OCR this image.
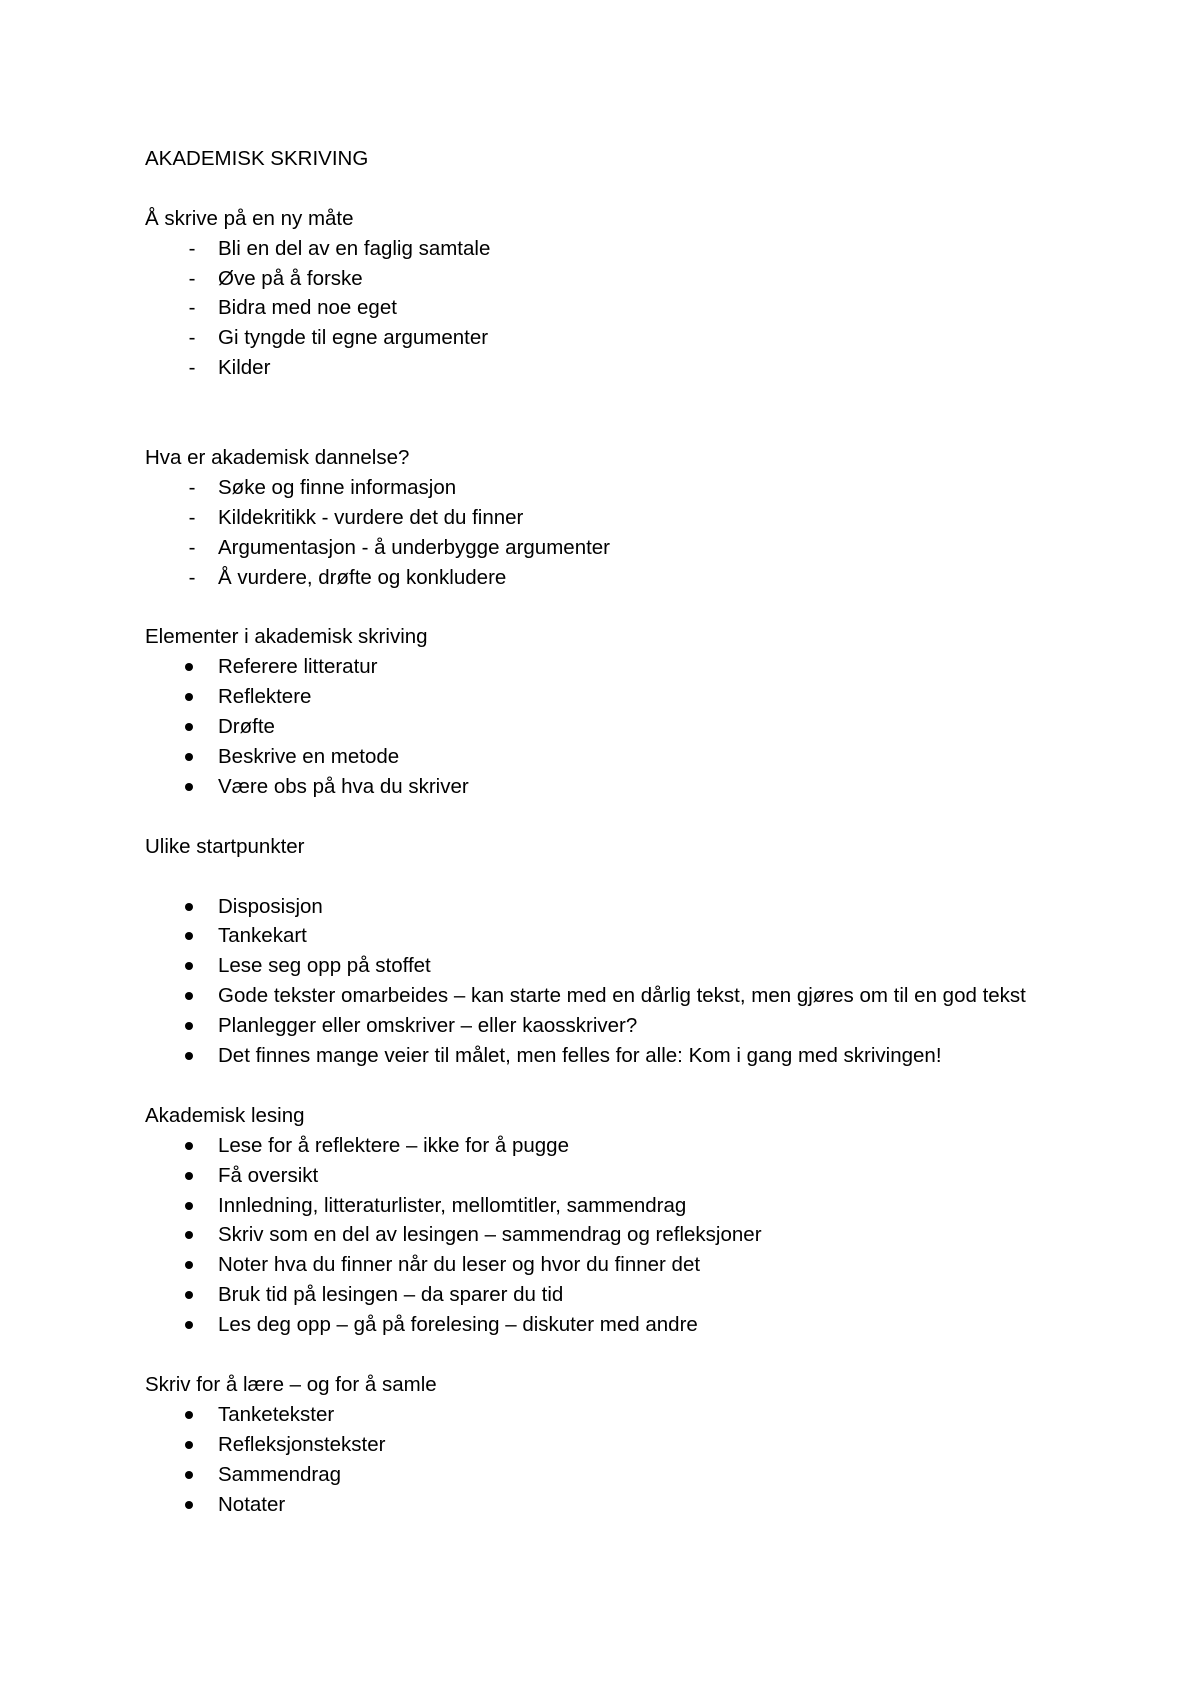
AKADEMISK SKRIVING
Å skrive på en ny måte
-	Bli en del av en faglig samtale
-	Øve på å forske
-	Bidra med noe eget
-	Gi tyngde til egne argumenter
-	Kilder
Hva er akademisk dannelse?
-	Søke og finne informasjon
-	Kildekritikk - vurdere det du finner
-	Argumentasjon - å underbygge argumenter
-	Å vurdere, drøfte og konkludere
Elementer i akademisk skriving
Referere litteratur
Reflektere
Drøfte
Beskrive en metode
Være obs på hva du skriver
Ulike startpunkter
Disposisjon
Tankekart
Lese seg opp på stoffet
Gode tekster omarbeides – kan starte med en dårlig tekst, men gjøres om til en god tekst
Planlegger eller omskriver – eller kaosskriver?
Det finnes mange veier til målet, men felles for alle: Kom i gang med skrivingen!
Akademisk lesing
Lese for å reflektere – ikke for å pugge
Få oversikt
Innledning, litteraturlister, mellomtitler, sammendrag
Skriv som en del av lesingen – sammendrag og refleksjoner
Noter hva du finner når du leser og hvor du finner det
Bruk tid på lesingen – da sparer du tid
Les deg opp – gå på forelesing – diskuter med andre
Skriv for å lære – og for å samle
Tanketekster
Refleksjonstekster
Sammendrag
Notater
